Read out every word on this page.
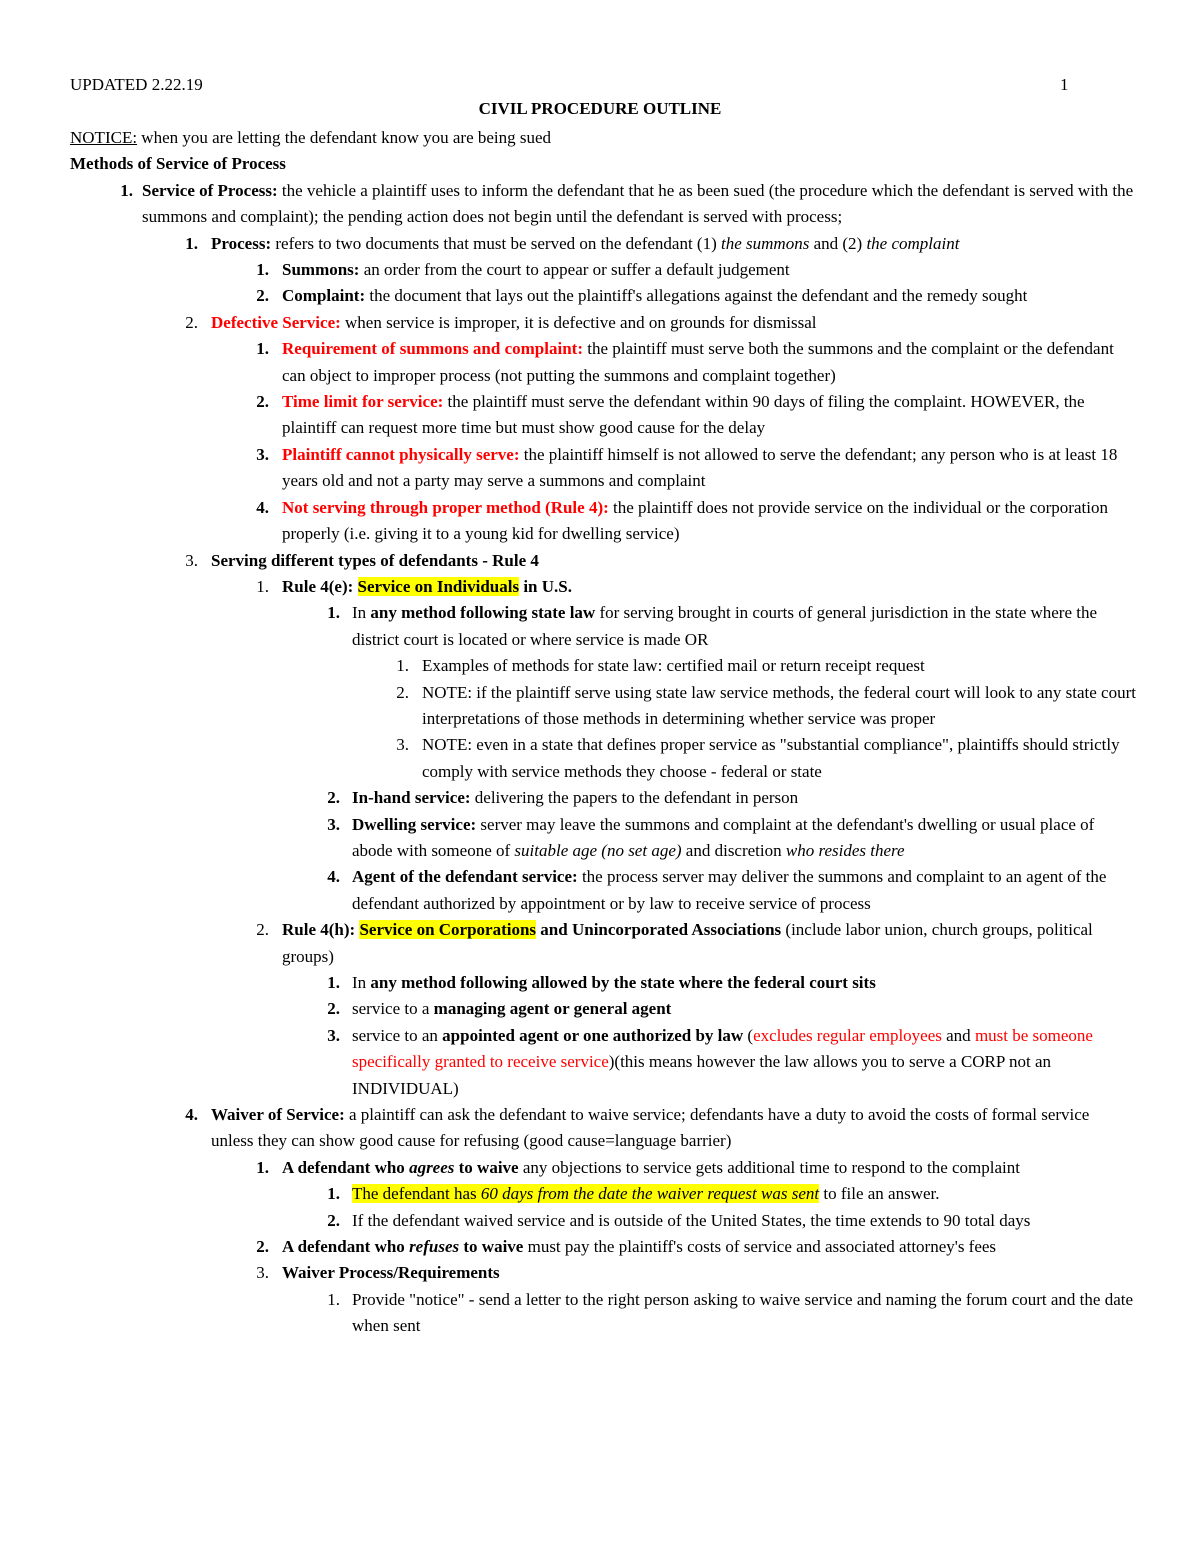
UPDATED 2.22.19	1
CIVIL PROCEDURE OUTLINE

NOTICE: when you are letting the defendant know you are being sued

Methods of Service of Process

1. Service of Process: the vehicle a plaintiff uses to inform the defendant that he as been sued (the procedure which the defendant is served with the summons and complaint); the pending action does not begin until the defendant is served with process;
1. Process: refers to two documents that must be served on the defendant (1) the summons and (2) the complaint
1. Summons: an order from the court to appear or suffer a default judgement
2. Complaint: the document that lays out the plaintiff's allegations against the defendant and the remedy sought
2. Defective Service: when service is improper, it is defective and on grounds for dismissal
1. Requirement of summons and complaint: the plaintiff must serve both the summons and the complaint or the defendant can object to improper process (not putting the summons and complaint together)
2. Time limit for service: the plaintiff must serve the defendant within 90 days of filing the complaint. HOWEVER, the plaintiff can request more time but must show good cause for the delay
3. Plaintiff cannot physically serve: the plaintiff himself is not allowed to serve the defendant; any person who is at least 18 years old and not a party may serve a summons and complaint
4. Not serving through proper method (Rule 4): the plaintiff does not provide service on the individual or the corporation properly (i.e. giving it to a young kid for dwelling service)
3. Serving different types of defendants - Rule 4
1. Rule 4(e): Service on Individuals in U.S.
1. In any method following state law for serving brought in courts of general jurisdiction in the state where the district court is located or where service is made OR
1. Examples of methods for state law: certified mail or return receipt request
2. NOTE: if the plaintiff serve using state law service methods, the federal court will look to any state court interpretations of those methods in determining whether service was proper
3. NOTE: even in a state that defines proper service as "substantial compliance", plaintiffs should strictly comply with service methods they choose - federal or state
2. In-hand service: delivering the papers to the defendant in person
3. Dwelling service: server may leave the summons and complaint at the defendant's dwelling or usual place of abode with someone of suitable age (no set age) and discretion who resides there
4. Agent of the defendant service: the process server may deliver the summons and complaint to an agent of the defendant authorized by appointment or by law to receive service of process
2. Rule 4(h): Service on Corporations and Unincorporated Associations (include labor union, church groups, political groups)
1. In any method following allowed by the state where the federal court sits
2. service to a managing agent or general agent
3. service to an appointed agent or one authorized by law (excludes regular employees and must be someone specifically granted to receive service)(this means however the law allows you to serve a CORP not an INDIVIDUAL)
4. Waiver of Service: a plaintiff can ask the defendant to waive service; defendants have a duty to avoid the costs of formal service unless they can show good cause for refusing (good cause=language barrier)
1. A defendant who agrees to waive any objections to service gets additional time to respond to the complaint
1. The defendant has 60 days from the date the waiver request was sent to file an answer.
2. If the defendant waived service and is outside of the United States, the time extends to 90 total days
2. A defendant who refuses to waive must pay the plaintiff's costs of service and associated attorney's fees
3. Waiver Process/Requirements
1. Provide "notice" - send a letter to the right person asking to waive service and naming the forum court and the date when sent
